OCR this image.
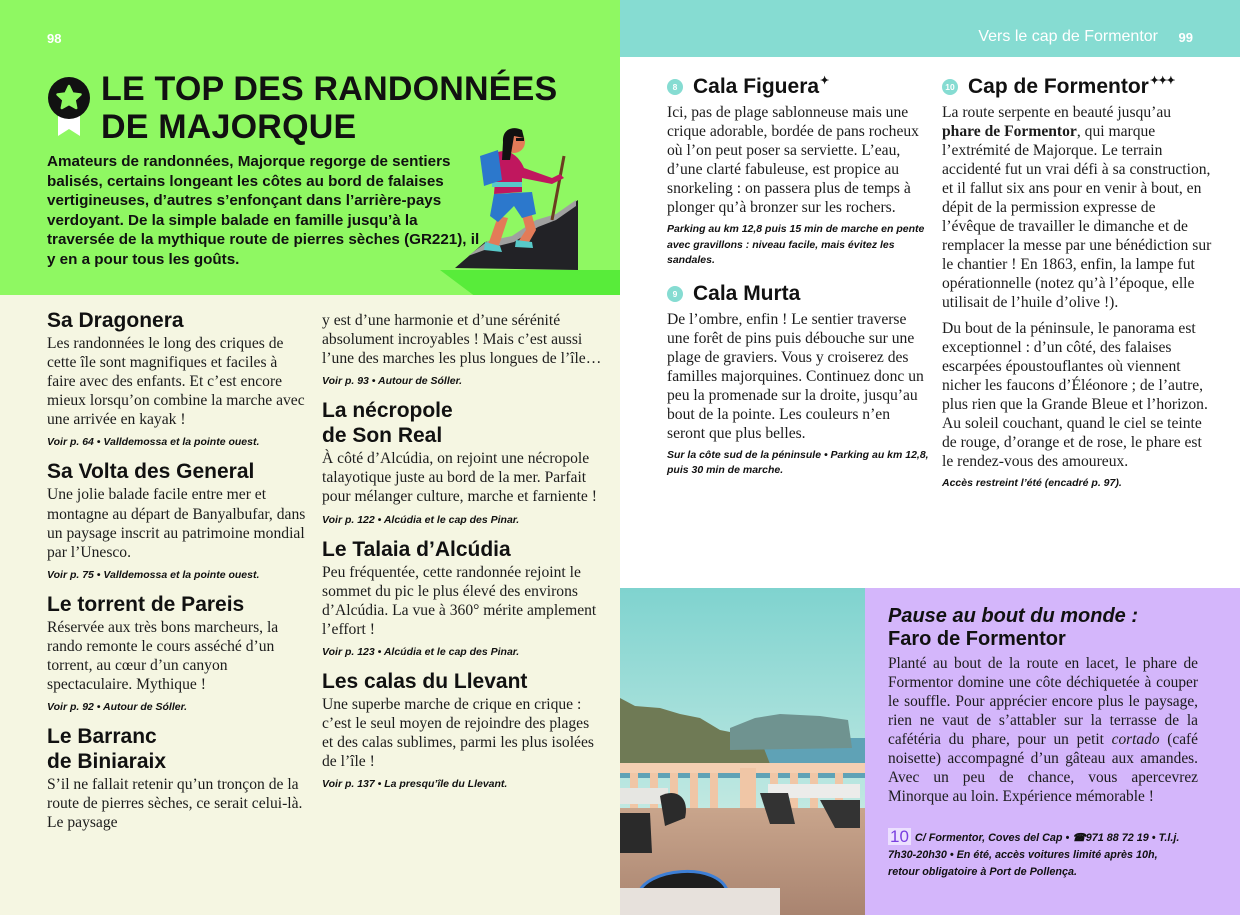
98
LE TOP DES RANDONNÉES
DE MAJORQUE

Amateurs de randonnées, Majorque regorge de sentiers balisés, certains longeant les côtes au bord de falaises vertigineuses, d’autres s’enfonçant dans l’arrière-pays verdoyant. De la simple balade en famille jusqu’à la traversée de la mythique route de pierres sèches (GR221), il y en a pour tous les goûts.

Sa Dragonera

Les randonnées le long des criques de cette île sont magnifiques et faciles à faire avec des enfants. Et c’est encore mieux lorsqu’on combine la marche avec une arrivée en kayak !

Voir p. 64 • Valldemossa et la pointe ouest.

Sa Volta des General

Une jolie balade facile entre mer et montagne au départ de Banyalbufar, dans un paysage inscrit au patrimoine mondial par l’Unesco.

Voir p. 75 • Valldemossa et la pointe ouest.

Le torrent de Pareis

Réservée aux très bons marcheurs, la rando remonte le cours asséché d’un torrent, au cœur d’un canyon spectaculaire. Mythique !

Voir p. 92 • Autour de Sóller.

Le Barranc
de Biniaraix

S’il ne fallait retenir qu’un tronçon de la route de pierres sèches, ce serait celui-là. Le paysage

y est d’une harmonie et d’une sérénité absolument incroyables ! Mais c’est aussi l’une des marches les plus longues de l’île…

Voir p. 93 • Autour de Sóller.

La nécropole
de Son Real

À côté d’Alcúdia, on rejoint une nécropole talayotique juste au bord de la mer. Parfait pour mélanger culture, marche et farniente !

Voir p. 122 • Alcúdia et le cap des Pinar.

Le Talaia d’Alcúdia

Peu fréquentée, cette randonnée rejoint le sommet du pic le plus élevé des environs d’Alcúdia. La vue à 360° mérite amplement l’effort !

Voir p. 123 • Alcúdia et le cap des Pinar.

Les calas du Llevant

Une superbe marche de crique en crique : c’est le seul moyen de rejoindre des plages et des calas sublimes, parmi les plus isolées de l’île !

Voir p. 137 • La presqu’île du Llevant.

Vers le cap de Formentor 99
8 Cala Figuera ✦

Ici, pas de plage sablonneuse mais une crique adorable, bordée de pans rocheux où l’on peut poser sa serviette. L’eau, d’une clarté fabuleuse, est propice au snorkeling : on passera plus de temps à plonger qu’à bronzer sur les rochers.

Parking au km 12,8 puis 15 min de marche en pente avec gravillons : niveau facile, mais évitez les sandales.

9 Cala Murta

De l’ombre, enfin ! Le sentier traverse une forêt de pins puis débouche sur une plage de graviers. Vous y croiserez des familles majorquines. Continuez donc un peu la promenade sur la droite, jusqu’au bout de la pointe. Les couleurs n’en seront que plus belles.

Sur la côte sud de la péninsule • Parking au km 12,8, puis 30 min de marche.

10 Cap de Formentor ✦✦✦

La route serpente en beauté jusqu’au phare de Formentor, qui marque l’extrémité de Majorque. Le terrain accidenté fut un vrai défi à sa construction, et il fallut six ans pour en venir à bout, en dépit de la permission expresse de l’évêque de travailler le dimanche et de remplacer la messe par une bénédiction sur le chantier ! En 1863, enfin, la lampe fut opérationnelle (notez qu’à l’époque, elle utilisait de l’huile d’olive !).

Du bout de la péninsule, le panorama est exceptionnel : d’un côté, des falaises escarpées époustouflantes où viennent nicher les faucons d’Éléonore ; de l’autre, plus rien que la Grande Bleue et l’horizon. Au soleil couchant, quand le ciel se teinte de rouge, d’orange et de rose, le phare est le rendez-vous des amoureux.

Accès restreint l’été (encadré p. 97).

Pause au bout du monde :
Faro de Formentor

Planté au bout de la route en lacet, le phare de Formentor domine une côte déchiquetée à couper le souffle. Pour apprécier encore plus le paysage, rien ne vaut de s’attabler sur la terrasse de la cafétéria du phare, pour un petit cortado (café noisette) accompagné d’un gâteau aux amandes. Avec un peu de chance, vous apercevrez Minorque au loin. Expérience mémorable !

10 C/ Formentor, Coves del Cap • ☎971 88 72 19 • T.l.j. 7h30-20h30 • En été, accès voitures limité après 10h, retour obligatoire à Port de Pollença.
